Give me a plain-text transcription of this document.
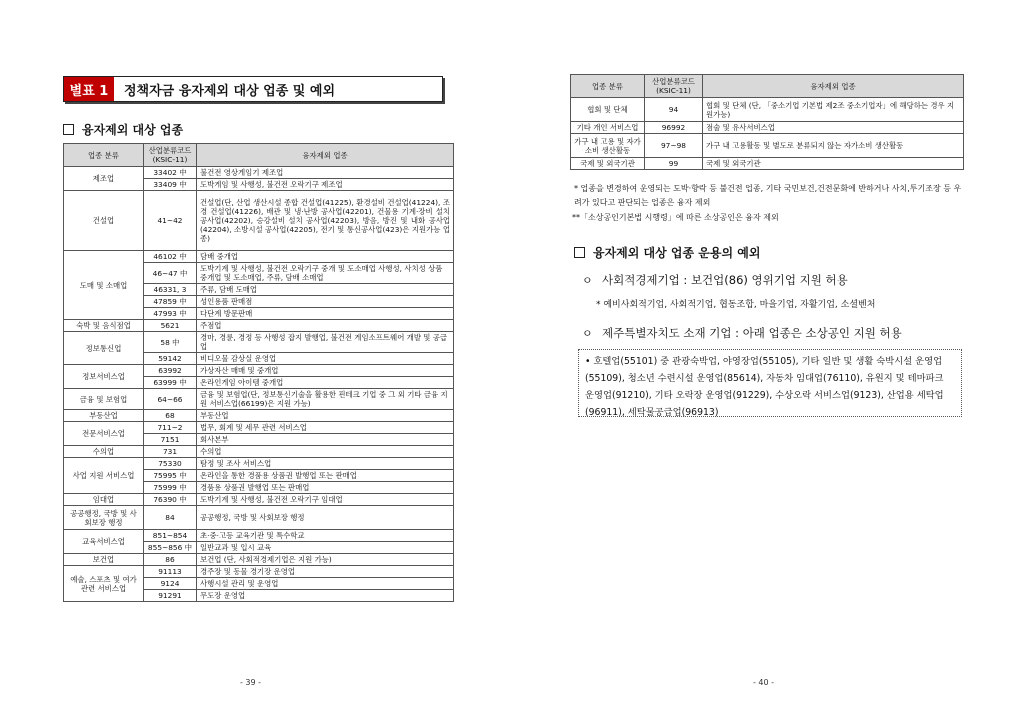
별표 1	정책자금 융자제외 대상 업종 및 예외
융자제외 대상 업종
업종 분류	산업분류코드
(KSIC-11)	융자제외 업종
제조업	33402 中	불건전 영상게임기 제조업
	33409 中	도박게임 및 사행성, 불건전 오락기구 제조업
건설업	41~42	건설업(단, 산업 생산시설 종합 건설업(41225), 환경설비 건설업(41224), 조경 건설업(41226), 배관 및 냉·난방 공사업(42201), 건물용 기계·장비 설치 공사업(42202), 승강설비 설치 공사업(42203), 방음, 방진 및 내화 공사업(42204), 소방시설 공사업(42205), 전기 및 통신공사업(423)은 지원가능 업종)
도매 및 소매업	46102 中	담배 중개업
	46~47 中	도박기계 및 사행성, 불건전 오락기구 중개 및 도소매업 사행성, 사치성 상품 중개업 및 도소매업, 주류, 담배 소매업
	46331, 3	주류, 담배 도매업
	47859 中	성인용품 판매점
	47993 中	다단계 방문판매
숙박 및 음식점업	5621	주점업
정보통신업	58 中	경마, 경륜, 경정 등 사행성 잡지 발행업, 불건전 게임소프트웨어 개발 및 공급업
	59142	비디오물 감상실 운영업
정보서비스업	63992	가상자산 매매 및 중개업
	63999 中	온라인게임 아이템 중개업
금융 및 보험업	64~66	금융 및 보험업(단, 정보통신기술을 활용한 핀테크 기업 중 그 외 기타 금융 지원 서비스업(66199)은 지원 가능)
부동산업	68	부동산업
전문서비스업	711~2	법무, 회계 및 세무 관련 서비스업
	7151	회사본부
수의업	731	수의업
사업 지원 서비스업	75330	탐정 및 조사 서비스업
	75995 中	온라인을 통한 경품용 상품권 발행업 또는 판매업
	75999 中	경품용 상품권 발행업 또는 판매업
임대업	76390 中	도박기계 및 사행성, 불건전 오락기구 임대업
공공행정, 국방 및 사회보장 행정	84	공공행정, 국방 및 사회보장 행정
교육서비스업	851~854	초·중·고등 교육기관 및 특수학교
	855~856 中	일반교과 및 입시 교육
보건업	86	보건업 (단, 사회적경제기업은 지원 가능)
예술, 스포츠 및 여가관련 서비스업	91113	경주장 및 동물 경기장 운영업
	9124	사행시설 관리 및 운영업
	91291	무도장 운영업
- 39 -
업종 분류	산업분류코드
(KSIC-11)	융자제외 업종
협회 및 단체	94	협회 및 단체 (단, 「중소기업 기본법 제2조 중소기업자」에 해당하는 경우 지원가능)
기타 개인 서비스업	96992	점술 및 유사서비스업
가구 내 고용 및 자가소비 생산활동	97~98	가구 내 고용활동 및 별도로 분류되지 않는 자가소비 생산활동
국제 및 외국기관	99	국제 및 외국기관
* 업종을 변경하여 운영되는 도박·향락 등 불건전 업종, 기타 국민보건,건전문화에 반하거나 사치,투기조장 등 우려가 있다고 판단되는 업종은 융자 제외
**「소상공인기본법 시행령」에 따른 소상공인은 융자 제외
융자제외 대상 업종 운용의 예외
ㅇ 사회적경제기업 : 보건업(86) 영위기업 지원 허용
* 예비사회적기업, 사회적기업, 협동조합, 마을기업, 자활기업, 소셜벤처
ㅇ 제주특별자치도 소재 기업 : 아래 업종은 소상공인 지원 허용
• 호텔업(55101) 중 관광숙박업, 야영장업(55105), 기타 일반 및 생활 숙박시설 운영업(55109), 청소년 수련시설 운영업(85614), 자동차 임대업(76110), 유원지 및 테마파크 운영업(91210), 기타 오락장 운영업(91229), 수상오락 서비스업(9123), 산업용 세탁업(96911), 세탁물공급업(96913)
- 40 -
